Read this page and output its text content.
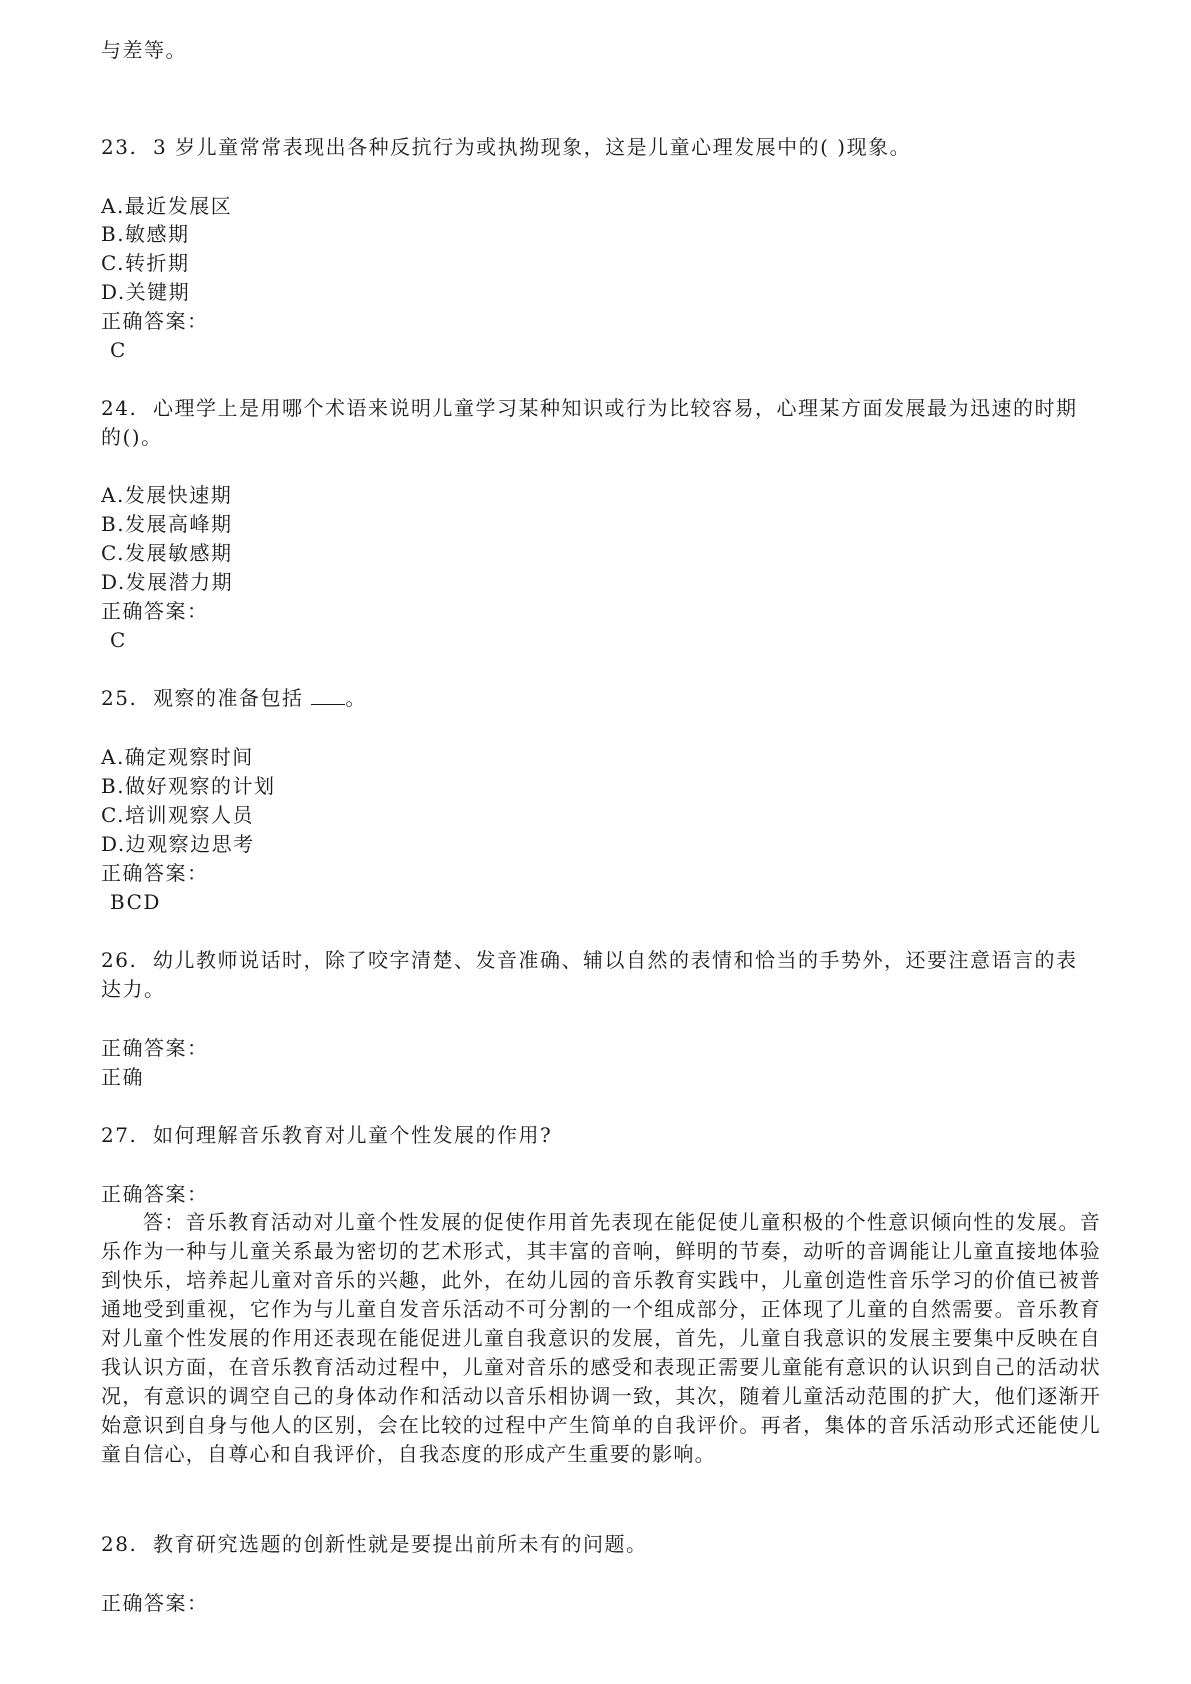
与差等。
23. 3 岁儿童常常表现出各种反抗行为或执拗现象，这是儿童心理发展中的( )现象。
A.最近发展区
B.敏感期
C.转折期
D.关键期
正确答案：
C
24. 心理学上是用哪个术语来说明儿童学习某种知识或行为比较容易，心理某方面发展最为迅速的时期
的()。
A.发展快速期
B.发展高峰期
C.发展敏感期
D.发展潜力期
正确答案：
C
25. 观察的准备包括 。
A.确定观察时间
B.做好观察的计划
C.培训观察人员
D.边观察边思考
正确答案：
BCD
26. 幼儿教师说话时，除了咬字清楚、发音准确、辅以自然的表情和恰当的手势外，还要注意语言的表
达力。
正确答案：
正确
27. 如何理解音乐教育对儿童个性发展的作用?
正确答案：
答：音乐教育活动对儿童个性发展的促使作用首先表现在能促使儿童积极的个性意识倾向性的发展。音乐作为一种与儿童关系最为密切的艺术形式，其丰富的音响，鲜明的节奏，动听的音调能让儿童直接地体验到快乐，培养起儿童对音乐的兴趣，此外，在幼儿园的音乐教育实践中，儿童创造性音乐学习的价值已被普通地受到重视，它作为与儿童自发音乐活动不可分割的一个组成部分，正体现了儿童的自然需要。音乐教育对儿童个性发展的作用还表现在能促进儿童自我意识的发展，首先，儿童自我意识的发展主要集中反映在自我认识方面，在音乐教育活动过程中，儿童对音乐的感受和表现正需要儿童能有意识的认识到自己的活动状况，有意识的调空自己的身体动作和活动以音乐相协调一致，其次，随着儿童活动范围的扩大，他们逐渐开始意识到自身与他人的区别，会在比较的过程中产生简单的自我评价。再者，集体的音乐活动形式还能使儿童自信心，自尊心和自我评价，自我态度的形成产生重要的影响。
28. 教育研究选题的创新性就是要提出前所未有的问题。
正确答案：
